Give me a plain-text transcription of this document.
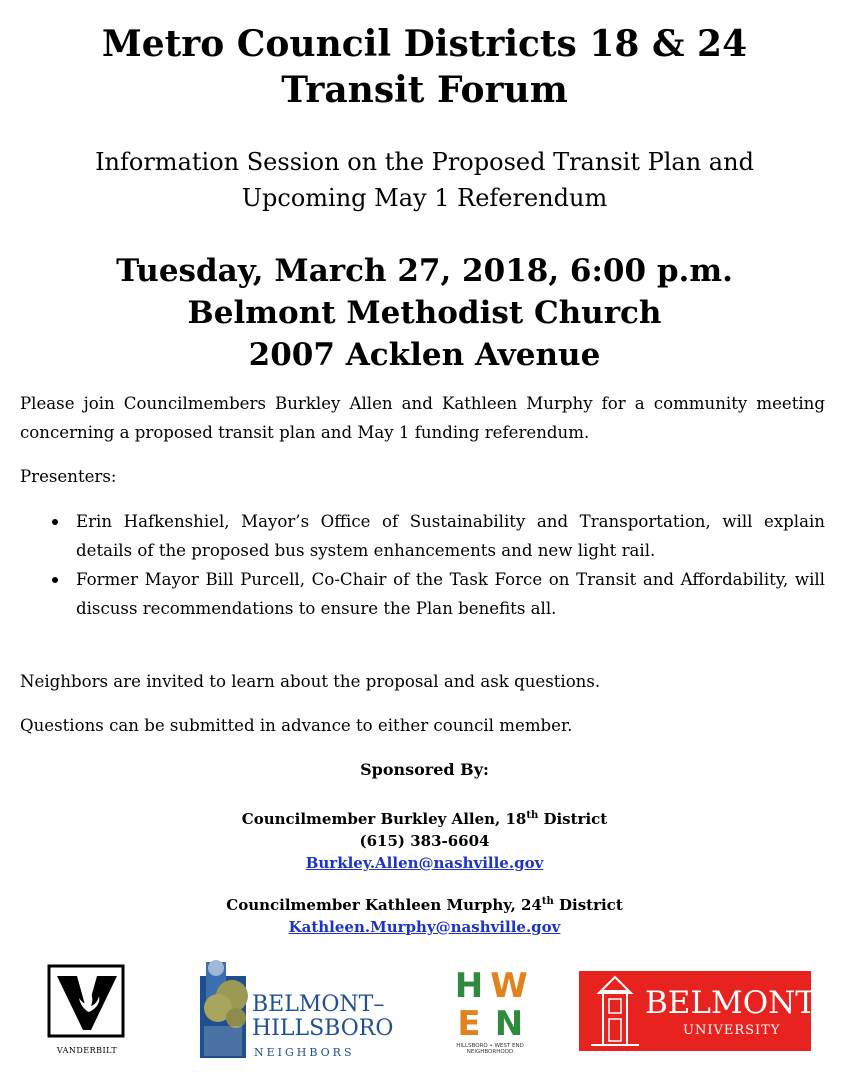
Metro Council Districts 18 & 24
Transit Forum
Information Session on the Proposed Transit Plan and
Upcoming May 1 Referendum
Tuesday, March 27, 2018, 6:00 p.m.
Belmont Methodist Church
2007 Acklen Avenue
Please join Councilmembers Burkley Allen and Kathleen Murphy for a community meeting concerning a proposed transit plan and May 1 funding referendum.
Presenters:
Erin Hafkenshiel, Mayor’s Office of Sustainability and Transportation, will explain details of the proposed bus system enhancements and new light rail.
Former Mayor Bill Purcell, Co-Chair of the Task Force on Transit and Affordability, will discuss recommendations to ensure the Plan benefits all.
Neighbors are invited to learn about the proposal and ask questions.
Questions can be submitted in advance to either council member.
Sponsored By:
Councilmember Burkley Allen, 18th District
(615) 383-6604
Burkley.Allen@nashville.gov
Councilmember Kathleen Murphy, 24th District
Kathleen.Murphy@nashville.gov
VANDERBILT
BELMONT–
HILLSBORO
NEIGHBORS
H W
E N
HILLSBORO • WEST END
NEIGHBORHOOD
BELMONT
UNIVERSITY
